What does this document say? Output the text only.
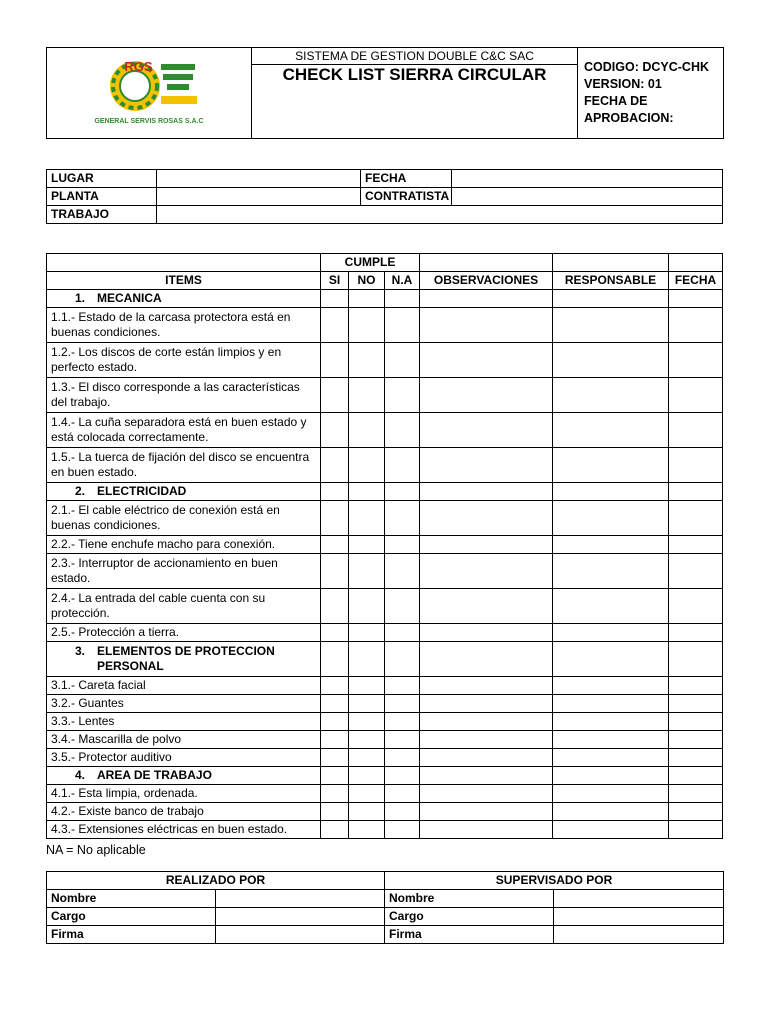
GENERAL SERVIS ROSAS S.A.C
RGS
	SISTEMA DE GESTION DOUBLE C&C SAC	
CODIGO: DCYC-CHK
VERSION: 01
FECHA DE
APROBACION:

CHECK LIST SIERRA CIRCULAR
LUGAR		FECHA	
PLANTA		CONTRATISTA	
TRABAJO			
	CUMPLE					
ITEMS	SI	NO	N.A	OBSERVACIONES	RESPONSABLE	FECHA
1. MECANICA						
1.1.- Estado de la carcasa protectora está en buenas condiciones.						
1.2.- Los discos de corte están limpios y en perfecto estado.						
1.3.- El disco corresponde a las características del trabajo.						
1.4.- La cuña separadora está en buen estado y está colocada correctamente.						
1.5.- La tuerca de fijación del disco se encuentra en buen estado.						
2. ELECTRICIDAD						
2.1.- El cable eléctrico de conexión está en buenas condiciones.						
2.2.- Tiene enchufe macho para conexión.						
2.3.- Interruptor de accionamiento en buen estado.						
2.4.- La entrada del cable cuenta con su protección.						
2.5.- Protección a tierra.						
3. ELEMENTOS DE PROTECCION PERSONAL						
3.1.- Careta facial						
3.2.- Guantes						
3.3.- Lentes						
3.4.- Mascarilla de polvo						
3.5.- Protector auditivo						
4. AREA DE TRABAJO						
4.1.- Esta limpia, ordenada.						
4.2.- Existe banco de trabajo						
4.3.- Extensiones eléctricas en buen estado.						
NA = No aplicable
REALIZADO POR		SUPERVISADO POR	
Nombre		Nombre	
Cargo		Cargo	
Firma		Firma	
